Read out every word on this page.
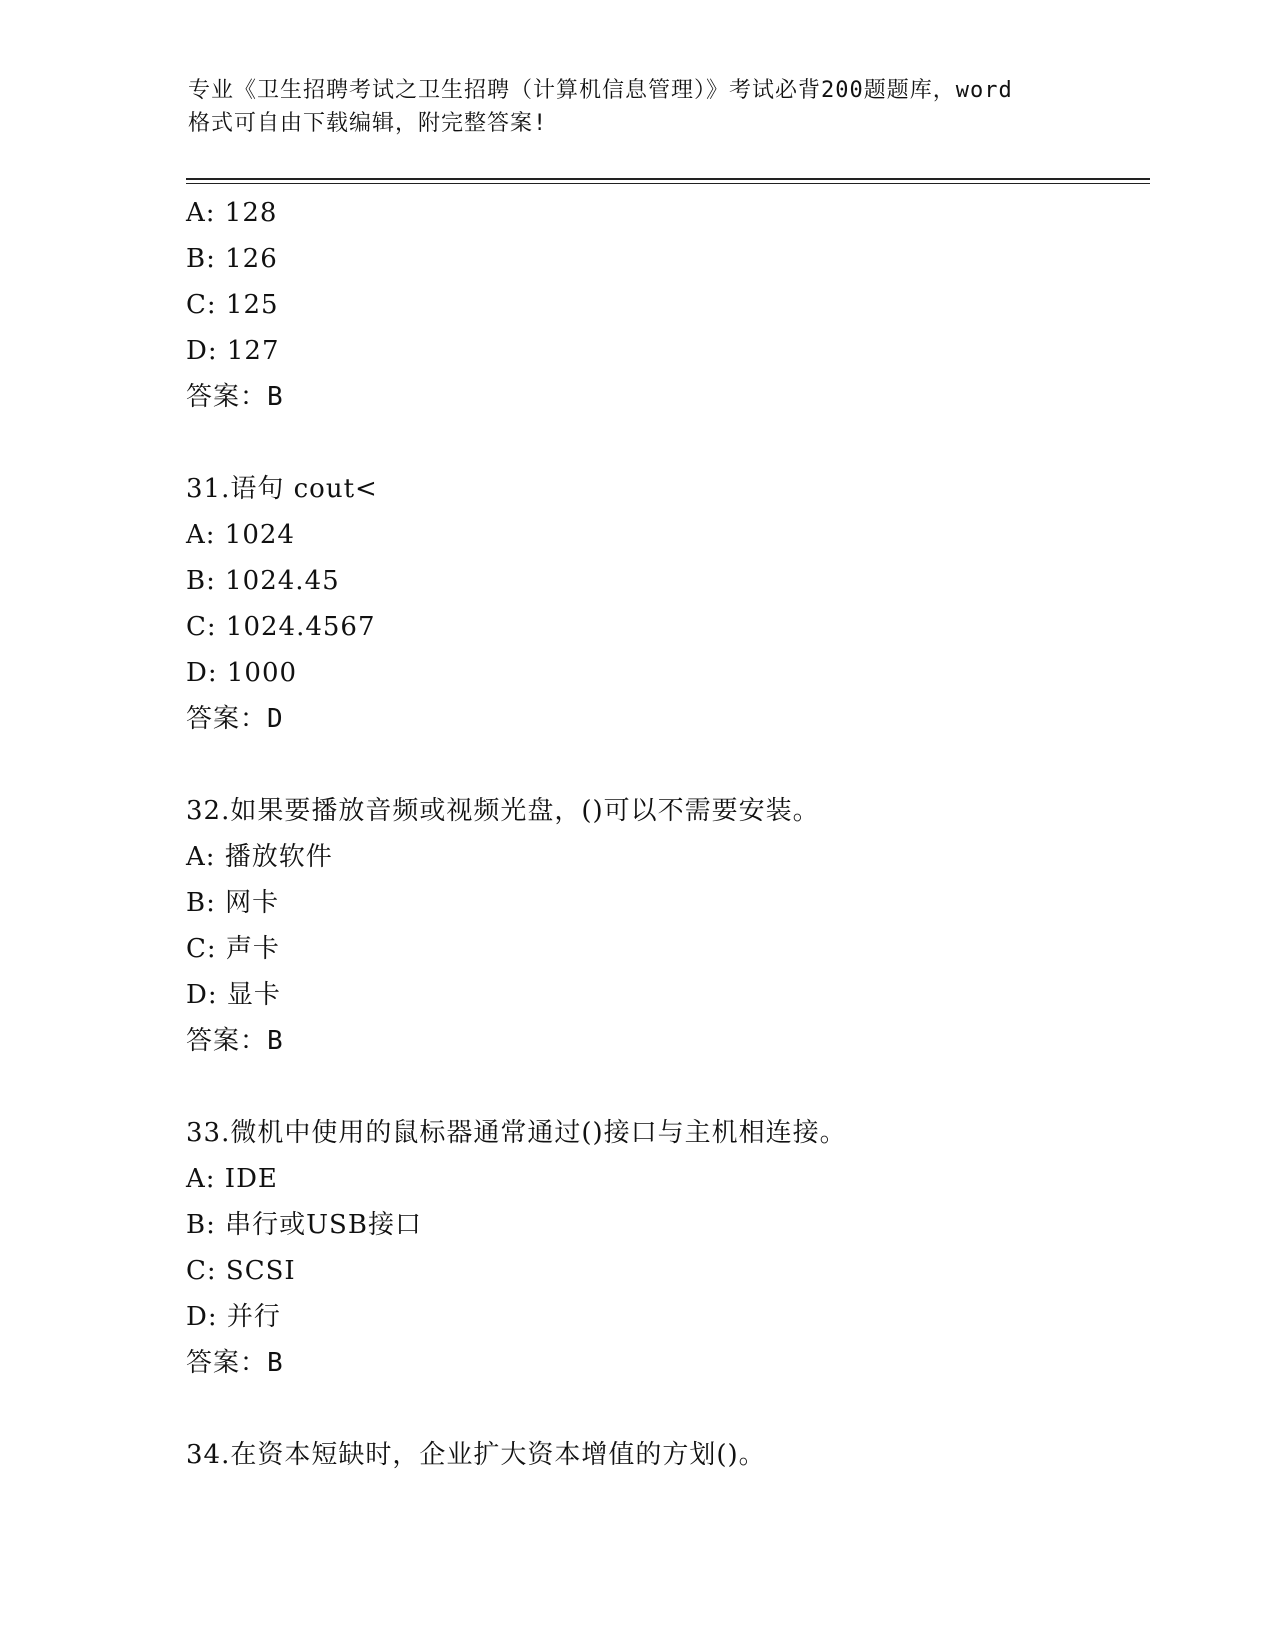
专业《卫生招聘考试之卫生招聘（计算机信息管理）》考试必背200题题库，word
格式可自由下载编辑，附完整答案!
A: 128
B: 126
C: 125
D: 127
答案：B
31.语句 cout<
A: 1024
B: 1024.45
C: 1024.4567
D: 1000
答案：D
32.如果要播放音频或视频光盘，()可以不需要安装。
A: 播放软件
B: 网卡
C: 声卡
D: 显卡
答案：B
33.微机中使用的鼠标器通常通过()接口与主机相连接。
A: IDE
B: 串行或USB接口
C: SCSI
D: 并行
答案：B
34.在资本短缺时，企业扩大资本增值的方划()。
